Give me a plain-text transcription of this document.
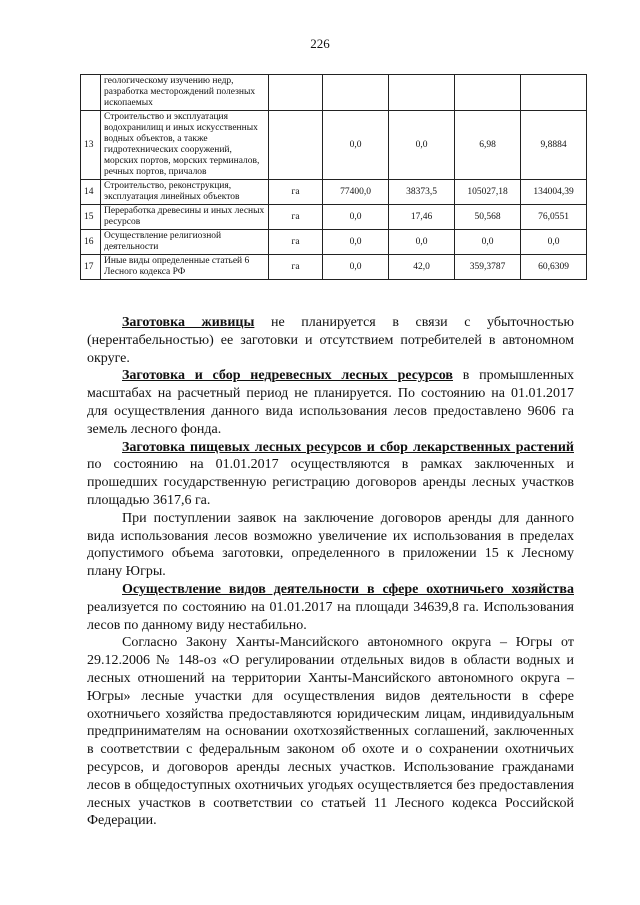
226
	геологическому изучению недр, разработка месторождений полезных ископаемых					
13	Строительство и эксплуатация водохранилищ и иных искусственных водных объектов, а также гидротехнических сооружений, морских портов, морских терминалов, речных портов, причалов		0,0	0,0	6,98	9,8884
14	Строительство, реконструкция, эксплуатация линейных объектов	га	77400,0	38373,5	105027,18	134004,39
15	Переработка древесины и иных лесных ресурсов	га	0,0	17,46	50,568	76,0551
16	Осуществление религиозной деятельности	га	0,0	0,0	0,0	0,0
17	Иные виды определенные статьей 6 Лесного кодекса РФ	га	0,0	42,0	359,3787	60,6309

Заготовка живицы не планируется в связи с убыточностью (нерентабельностью) ее заготовки и отсутствием потребителей в автономном округе.

Заготовка и сбор недревесных лесных ресурсов в промышленных масштабах на расчетный период не планируется. По состоянию на 01.01.2017 для осуществления данного вида использования лесов предоставлено 9606 га земель лесного фонда.

Заготовка пищевых лесных ресурсов и сбор лекарственных растений по состоянию на 01.01.2017 осуществляются в рамках заключенных и прошедших государственную регистрацию договоров аренды лесных участков площадью 3617,6 га.

При поступлении заявок на заключение договоров аренды для данного вида использования лесов возможно увеличение их использования в пределах допустимого объема заготовки, определенного в приложении 15 к Лесному плану Югры.

Осуществление видов деятельности в сфере охотничьего хозяйства реализуется по состоянию на 01.01.2017 на площади 34639,8 га. Использования лесов по данному виду нестабильно.

Согласно Закону Ханты-Мансийского автономного округа – Югры от 29.12.2006 № 148-оз «О регулировании отдельных видов в области водных и лесных отношений на территории Ханты-Мансийского автономного округа – Югры» лесные участки для осуществления видов деятельности в сфере охотничьего хозяйства предоставляются юридическим лицам, индивидуальным предпринимателям на основании охотхозяйственных соглашений, заключенных в соответствии с федеральным законом об охоте и о сохранении охотничьих ресурсов, и договоров аренды лесных участков. Использование гражданами лесов в общедоступных охотничьих угодьях осуществляется без предоставления лесных участков в соответствии со статьей 11 Лесного кодекса Российской Федерации.
